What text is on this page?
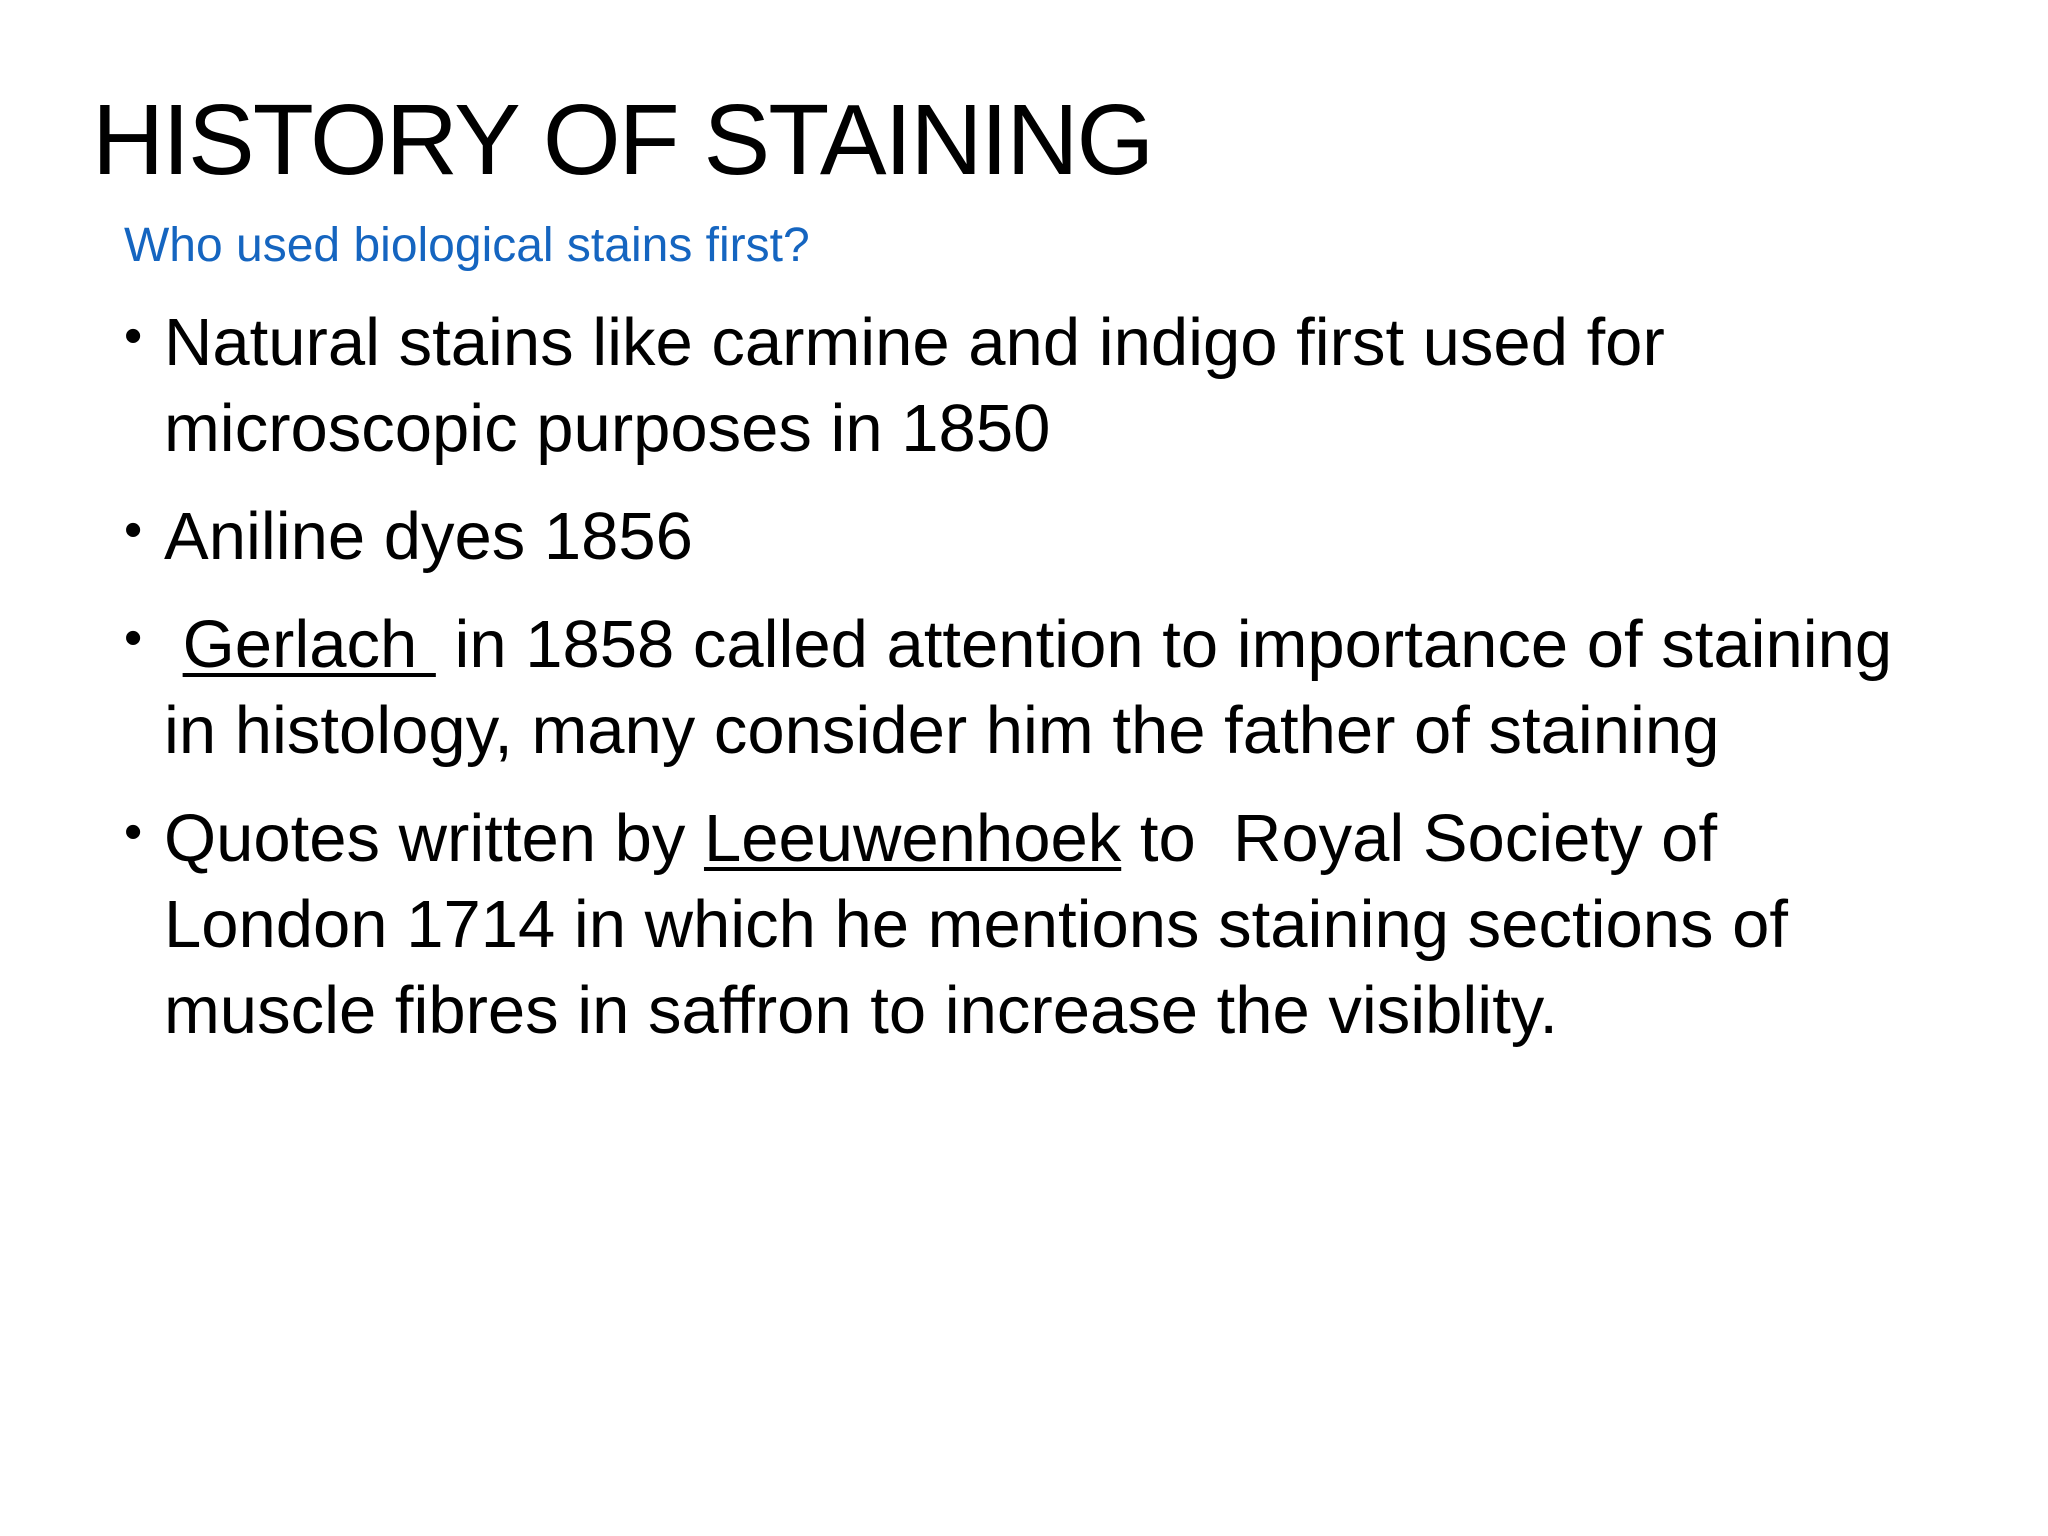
HISTORY OF STAINING

Who used biological stains first?

• Natural stains like carmine and indigo first used for microscopic purposes in 1850
• Aniline dyes 1856
• Gerlach  in 1858 called attention to importance of staining in histology, many consider him the father of staining
• Quotes written by Leeuwenhoek to  Royal Society of London 1714 in which he mentions staining sections of muscle fibres in saffron to increase the visiblity.
